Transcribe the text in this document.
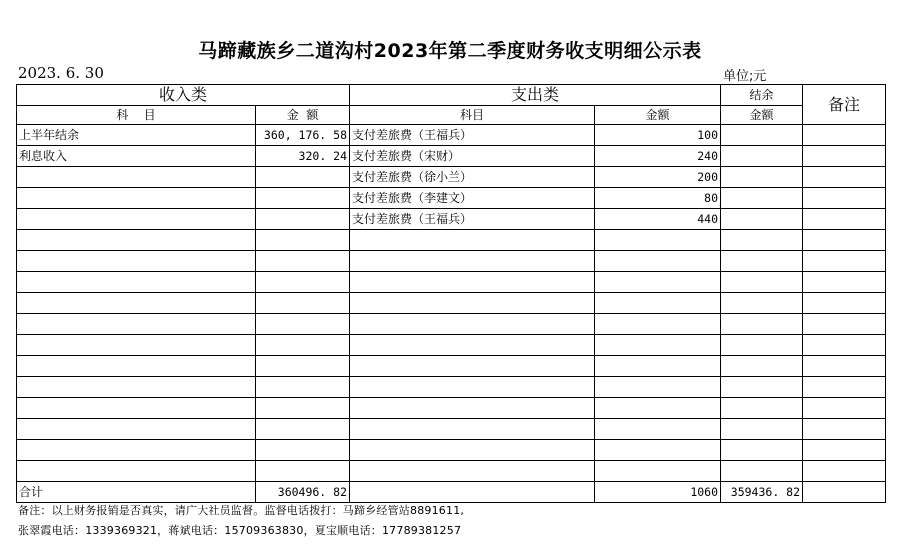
马蹄藏族乡二道沟村2023年第二季度财务收支明细公示表
2023. 6. 30	单位;元
收入类		支出类		结余	备注
科    目	金  额	科目	金额	金额	
上半年结余	360, 176. 58	支付差旅费（王福兵）	100		
利息收入	320. 24	支付差旅费（宋财）	240		
		支付差旅费（徐小兰）	200		
		支付差旅费（李建文）	80		
		支付差旅费（王福兵）	440		

合计	360496. 82		1060	359436. 82	
备注：以上财务报销是否真实，请广大社员监督。监督电话拨打：马蹄乡经管站8891611,
张翠霞电话：1339369321，蒋斌电话：15709363830，夏宝顺电话：17789381257
